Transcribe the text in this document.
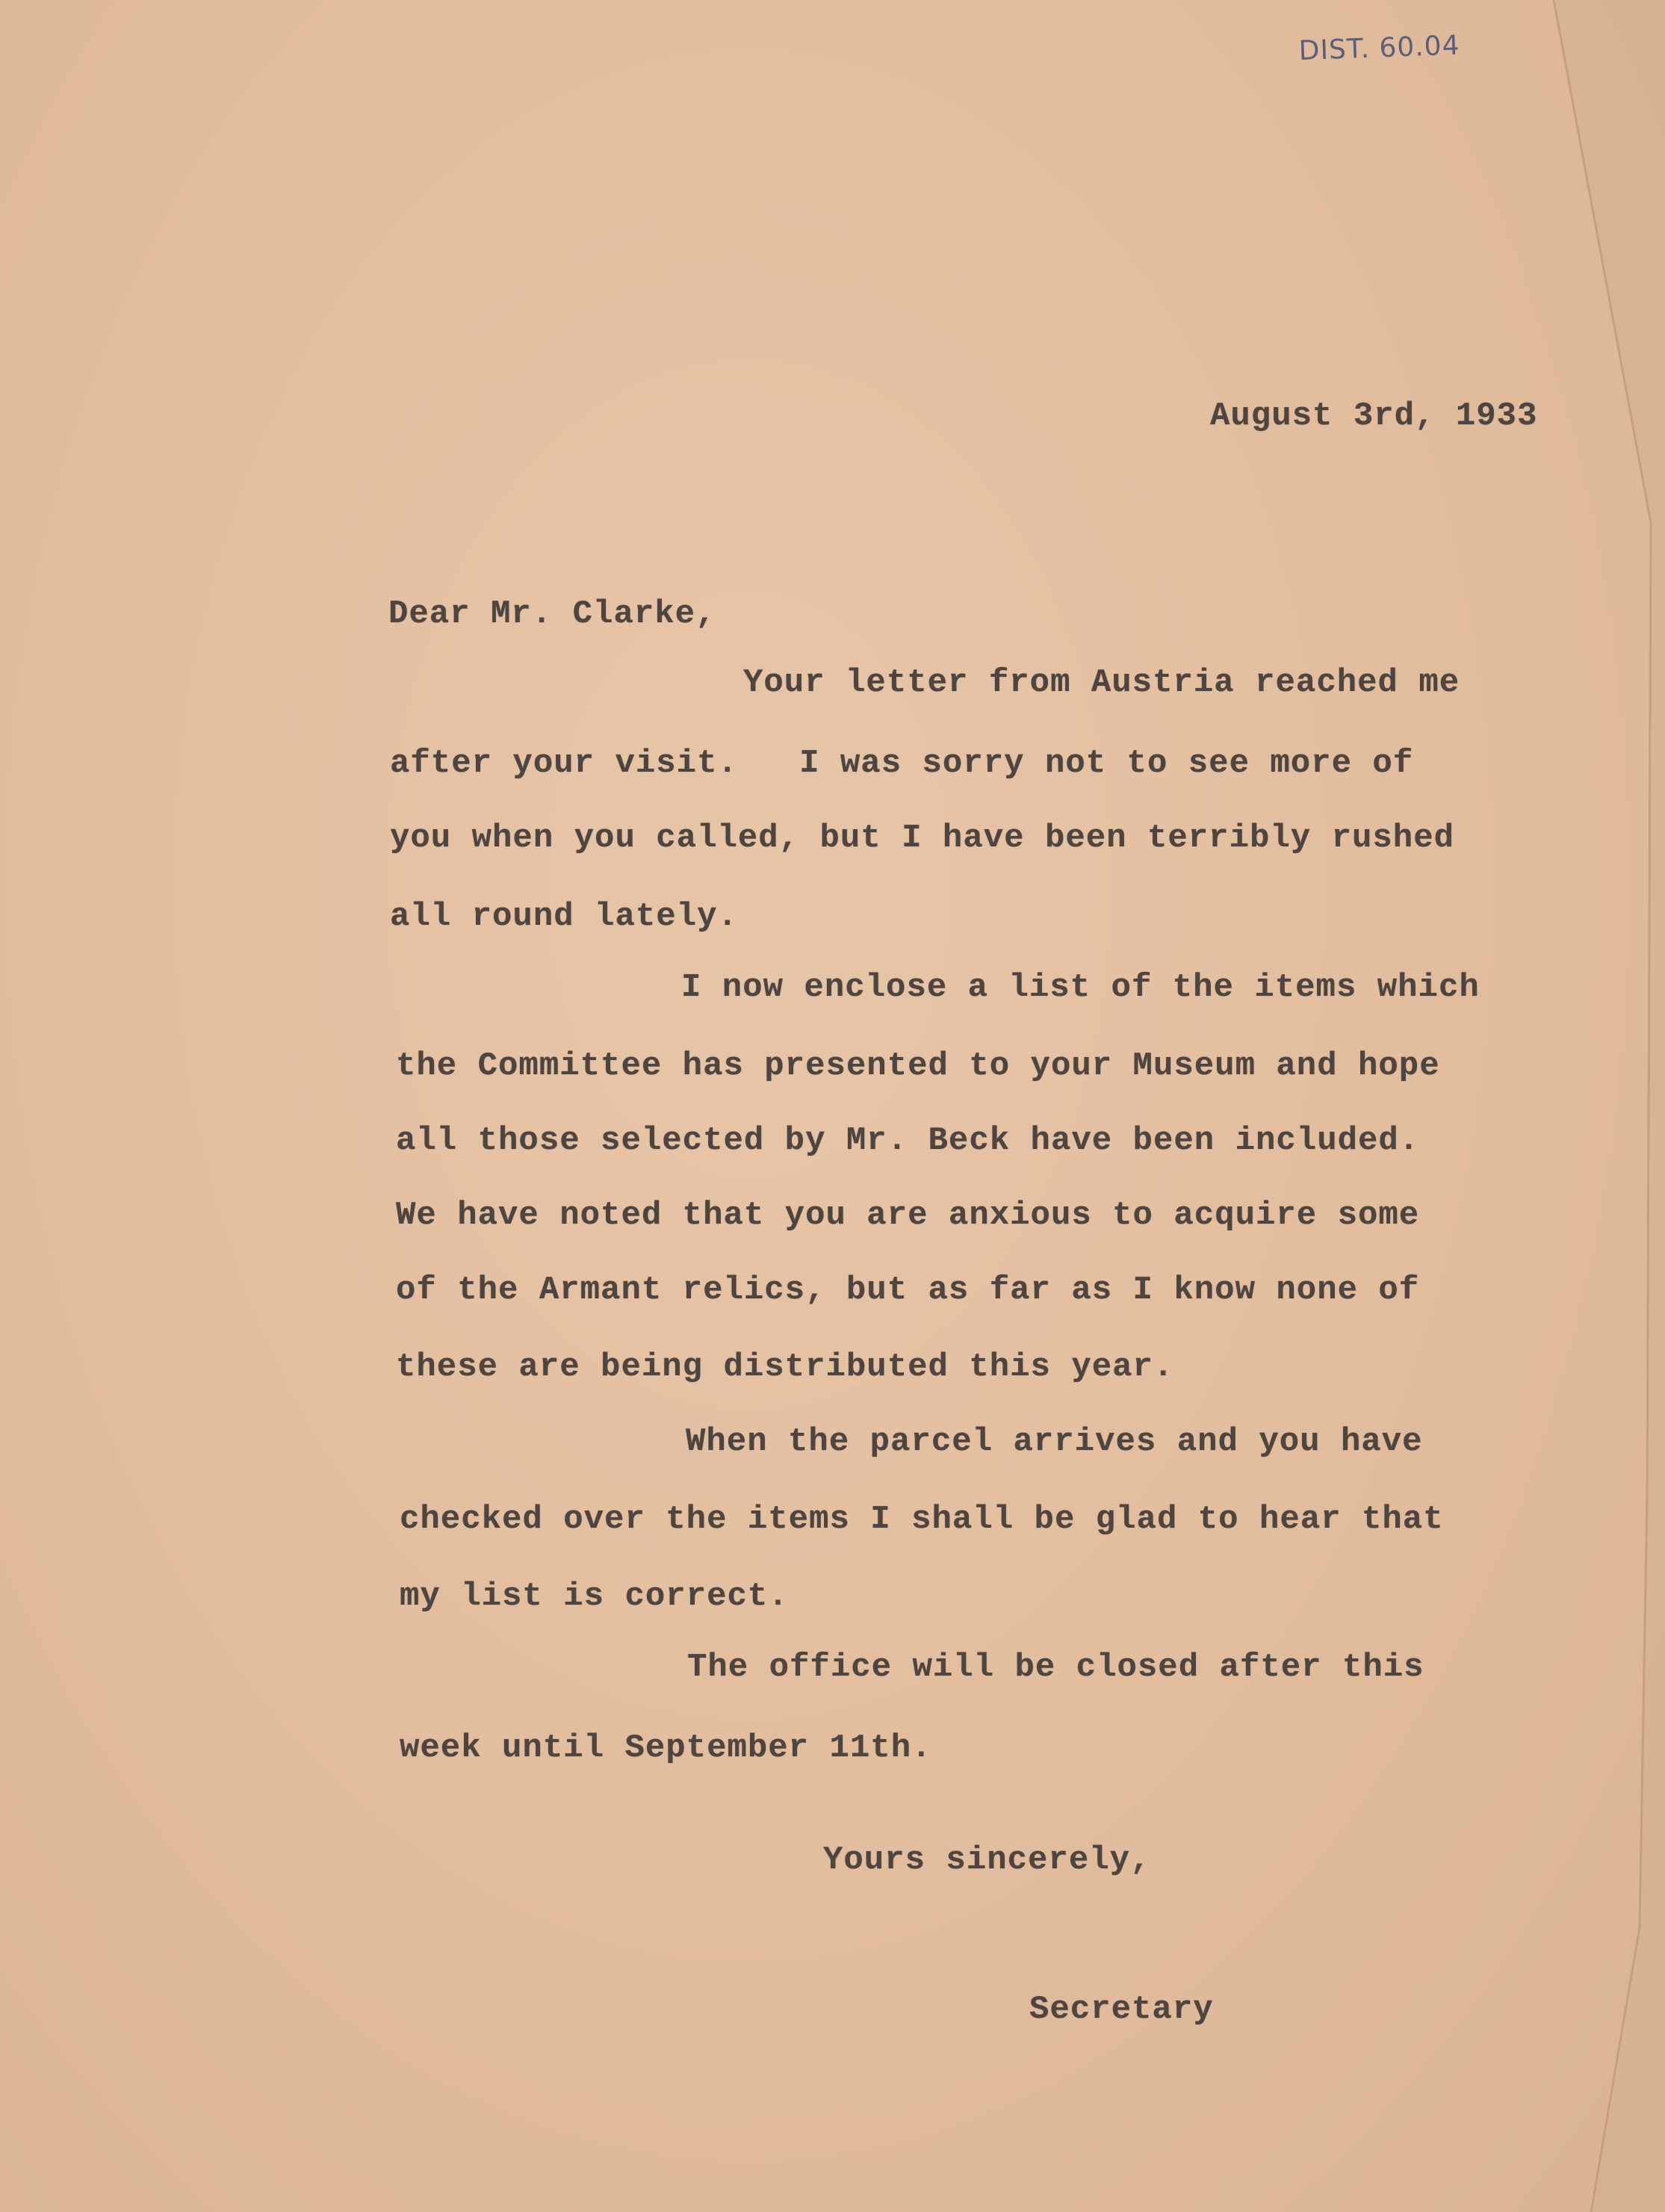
DIST. 60.04
August 3rd, 1933
Dear Mr. Clarke,
Your letter from Austria reached me
after your visit.   I was sorry not to see more of
you when you called, but I have been terribly rushed
all round lately.
I now enclose a list of the items which
the Committee has presented to your Museum and hope
all those selected by Mr. Beck have been included.
We have noted that you are anxious to acquire some
of the Armant relics, but as far as I know none of
these are being distributed this year.
When the parcel arrives and you have
checked over the items I shall be glad to hear that
my list is correct.
The office will be closed after this
week until September 11th.
Yours sincerely,
Secretary
